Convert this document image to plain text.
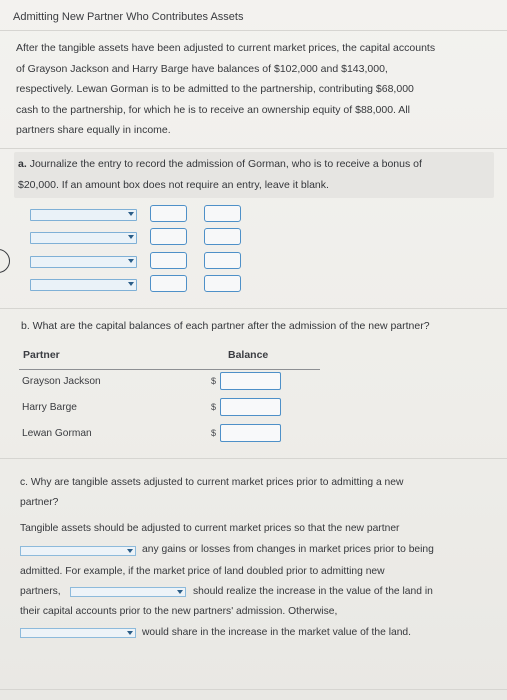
Admitting New Partner Who Contributes Assets
After the tangible assets have been adjusted to current market prices, the capital accounts
of Grayson Jackson and Harry Barge have balances of $102,000 and $143,000,
respectively. Lewan Gorman is to be admitted to the partnership, contributing $68,000
cash to the partnership, for which he is to receive an ownership equity of $88,000. All
partners share equally in income.
a. Journalize the entry to record the admission of Gorman, who is to receive a bonus of
$20,000. If an amount box does not require an entry, leave it blank.
b. What are the capital balances of each partner after the admission of the new partner?
Partner	Balance
Grayson Jackson	$
Harry Barge	$
Lewan Gorman	$
c. Why are tangible assets adjusted to current market prices prior to admitting a new
partner?
Tangible assets should be adjusted to current market prices so that the new partner
any gains or losses from changes in market prices prior to being
admitted. For example, if the market price of land doubled prior to admitting new
partners,	should realize the increase in the value of the land in
their capital accounts prior to the new partners' admission. Otherwise,
would share in the increase in the market value of the land.
